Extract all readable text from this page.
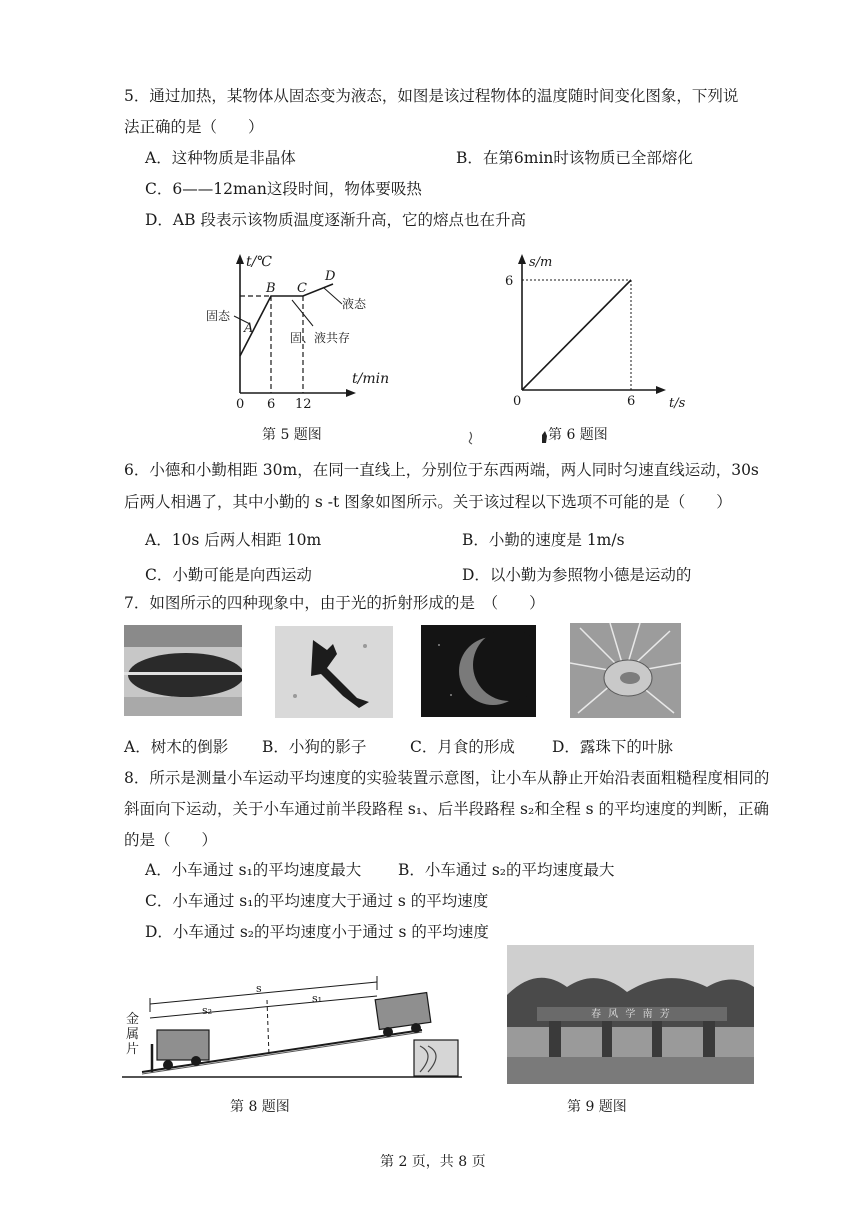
5．通过加热，某物体从固态变为液态，如图是该过程物体的温度随时间变化图象，下列说
法正确的是（　　）
A．这种物质是非晶体	B．在第6min时该物质已全部熔化
C．6——12man这段时间，物体要吸热
D．AB 段表示该物质温度逐渐升高，它的熔点也在升高
t/℃
t/min
0 6 12
A
B C
D
固态
固、液共存
液态
第 5 题图
s/m
t/s
0
6
6
第 6 题图
6．小德和小勤相距 30m，在同一直线上，分别位于东西两端，两人同时匀速直线运动，30s
后两人相遇了，其中小勤的 s -t 图象如图所示。关于该过程以下选项不可能的是（　　）
A．10s 后两人相距 10m	B．小勤的速度是 1m/s
C．小勤可能是向西运动	D．以小勤为参照物小德是运动的
7．如图所示的四种现象中，由于光的折射形成的是　（　　）
A．树木的倒影 B．小狗的影子	C．月食的形成 D．露珠下的叶脉
8．所示是测量小车运动平均速度的实验装置示意图，让小车从静止开始沿表面粗糙程度相同的
斜面向下运动，关于小车通过前半段路程 s₁、后半段路程 s₂和全程 s 的平均速度的判断，正确
的是（　　）
A．小车通过 s₁的平均速度最大 B．小车通过 s₂的平均速度最大
C．小车通过 s₁的平均速度大于通过 s 的平均速度
D．小车通过 s₂的平均速度小于通过 s 的平均速度
s
s₁
s₂
金属片
第 8 题图
春 风 学 南 芳
第 9 题图
第 2 页，共 8 页
